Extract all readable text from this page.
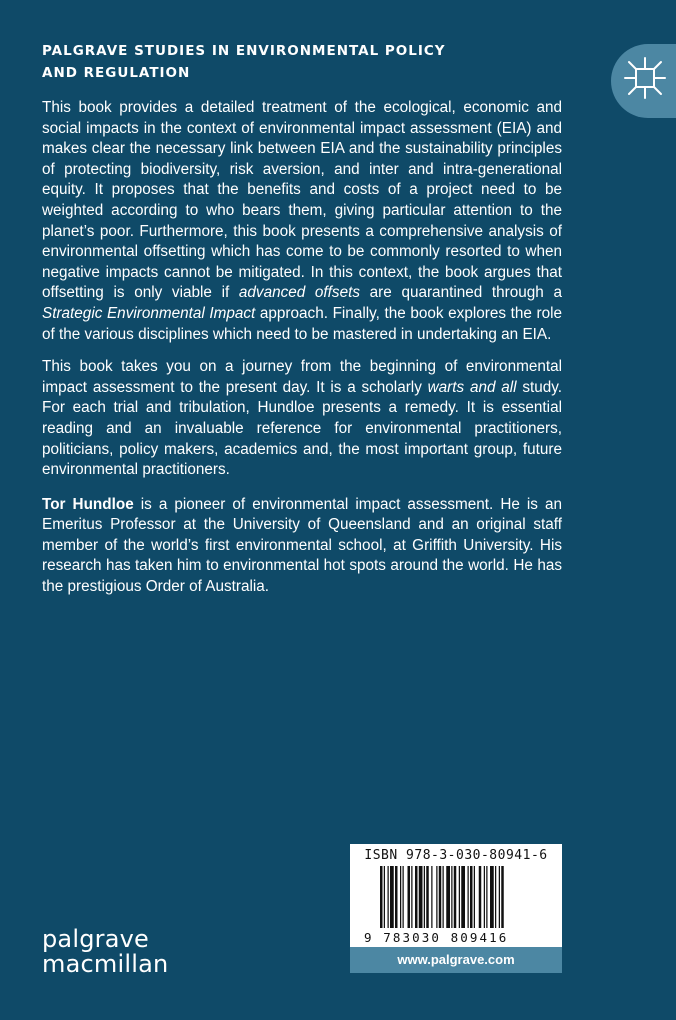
PALGRAVE STUDIES IN ENVIRONMENTAL POLICY
AND REGULATION

This book provides a detailed treatment of the ecological, economic and social impacts in the context of environmental impact assessment (EIA) and makes clear the necessary link between EIA and the sustainability principles of protecting biodiversity, risk aversion, and inter and intra-generational equity. It proposes that the benefits and costs of a project need to be weighted according to who bears them, giving particular attention to the planet’s poor. Furthermore, this book presents a comprehensive analysis of environmental offsetting which has come to be commonly resorted to when negative impacts cannot be mitigated. In this context, the book argues that offsetting is only viable if advanced offsets are quarantined through a Strategic Environmental Impact approach. Finally, the book explores the role of the various disciplines which need to be mastered in undertaking an EIA.

This book takes you on a journey from the beginning of environmental impact assessment to the present day. It is a scholarly warts and all study. For each trial and tribulation, Hundloe presents a remedy. It is essential reading and an invaluable reference for environmental practitioners, politicians, policy makers, academics and, the most important group, future environmental practitioners.

Tor Hundloe is a pioneer of environmental impact assessment. He is an Emeritus Professor at the University of Queensland and an original staff member of the world’s first environmental school, at Griffith University. His research has taken him to environmental hot spots around the world. He has the prestigious Order of Australia.

ISBN 978-3-030-80941-6
9 783030 809416
www.palgrave.com
palgrave
macmillan
